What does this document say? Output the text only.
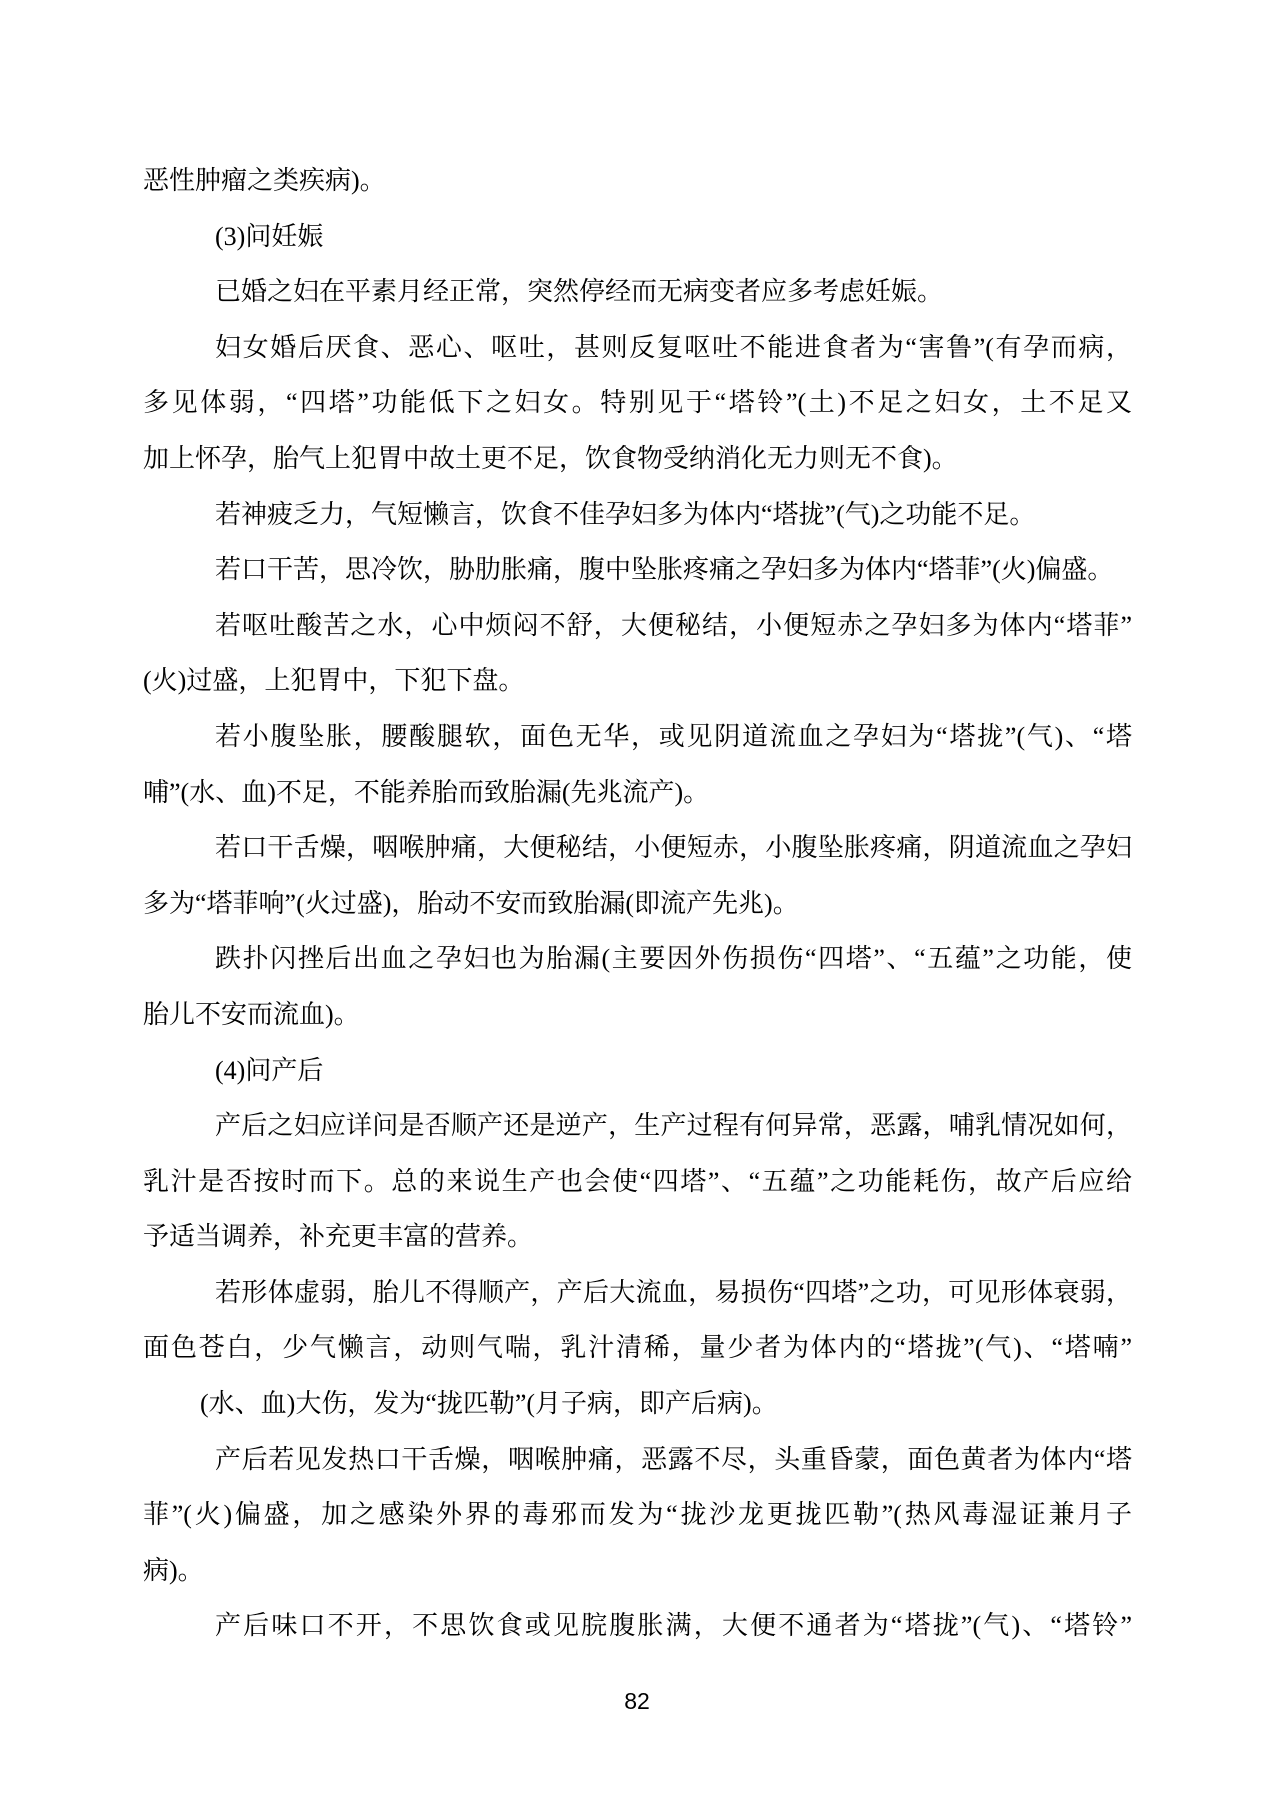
恶性肿瘤之类疾病)。
(3)问妊娠
已婚之妇在平素月经正常，突然停经而无病变者应多考虑妊娠。
妇女婚后厌食、恶心、呕吐，甚则反复呕吐不能进食者为“害鲁”(有孕而病，
多见体弱，“四塔”功能低下之妇女。特别见于“塔铃”(土)不足之妇女，土不足又
加上怀孕，胎气上犯胃中故土更不足，饮食物受纳消化无力则无不食)。
若神疲乏力，气短懒言，饮食不佳孕妇多为体内“塔拢”(气)之功能不足。
若口干苦，思冷饮，胁肋胀痛，腹中坠胀疼痛之孕妇多为体内“塔菲”(火)偏盛。
若呕吐酸苦之水，心中烦闷不舒，大便秘结，小便短赤之孕妇多为体内“塔菲”
(火)过盛，上犯胃中，下犯下盘。
若小腹坠胀，腰酸腿软，面色无华，或见阴道流血之孕妇为“塔拢”(气)、“塔
哺”(水、血)不足，不能养胎而致胎漏(先兆流产)。
若口干舌燥，咽喉肿痛，大便秘结，小便短赤，小腹坠胀疼痛，阴道流血之孕妇
多为“塔菲响”(火过盛)，胎动不安而致胎漏(即流产先兆)。
跌扑闪挫后出血之孕妇也为胎漏(主要因外伤损伤“四塔”、“五蕴”之功能，使
胎儿不安而流血)。
(4)问产后
产后之妇应详问是否顺产还是逆产，生产过程有何异常，恶露，哺乳情况如何，
乳汁是否按时而下。总的来说生产也会使“四塔”、“五蕴”之功能耗伤，故产后应给
予适当调养，补充更丰富的营养。
若形体虚弱，胎儿不得顺产，产后大流血，易损伤“四塔”之功，可见形体衰弱，
面色苍白，少气懒言，动则气喘，乳汁清稀，量少者为体内的“塔拢”(气)、“塔喃”
(水、血)大伤，发为“拢匹勒”(月子病，即产后病)。
产后若见发热口干舌燥，咽喉肿痛，恶露不尽，头重昏蒙，面色黄者为体内“塔
菲”(火)偏盛，加之感染外界的毒邪而发为“拢沙龙更拢匹勒”(热风毒湿证兼月子
病)。
产后味口不开，不思饮食或见脘腹胀满，大便不通者为“塔拢”(气)、“塔铃”
82
